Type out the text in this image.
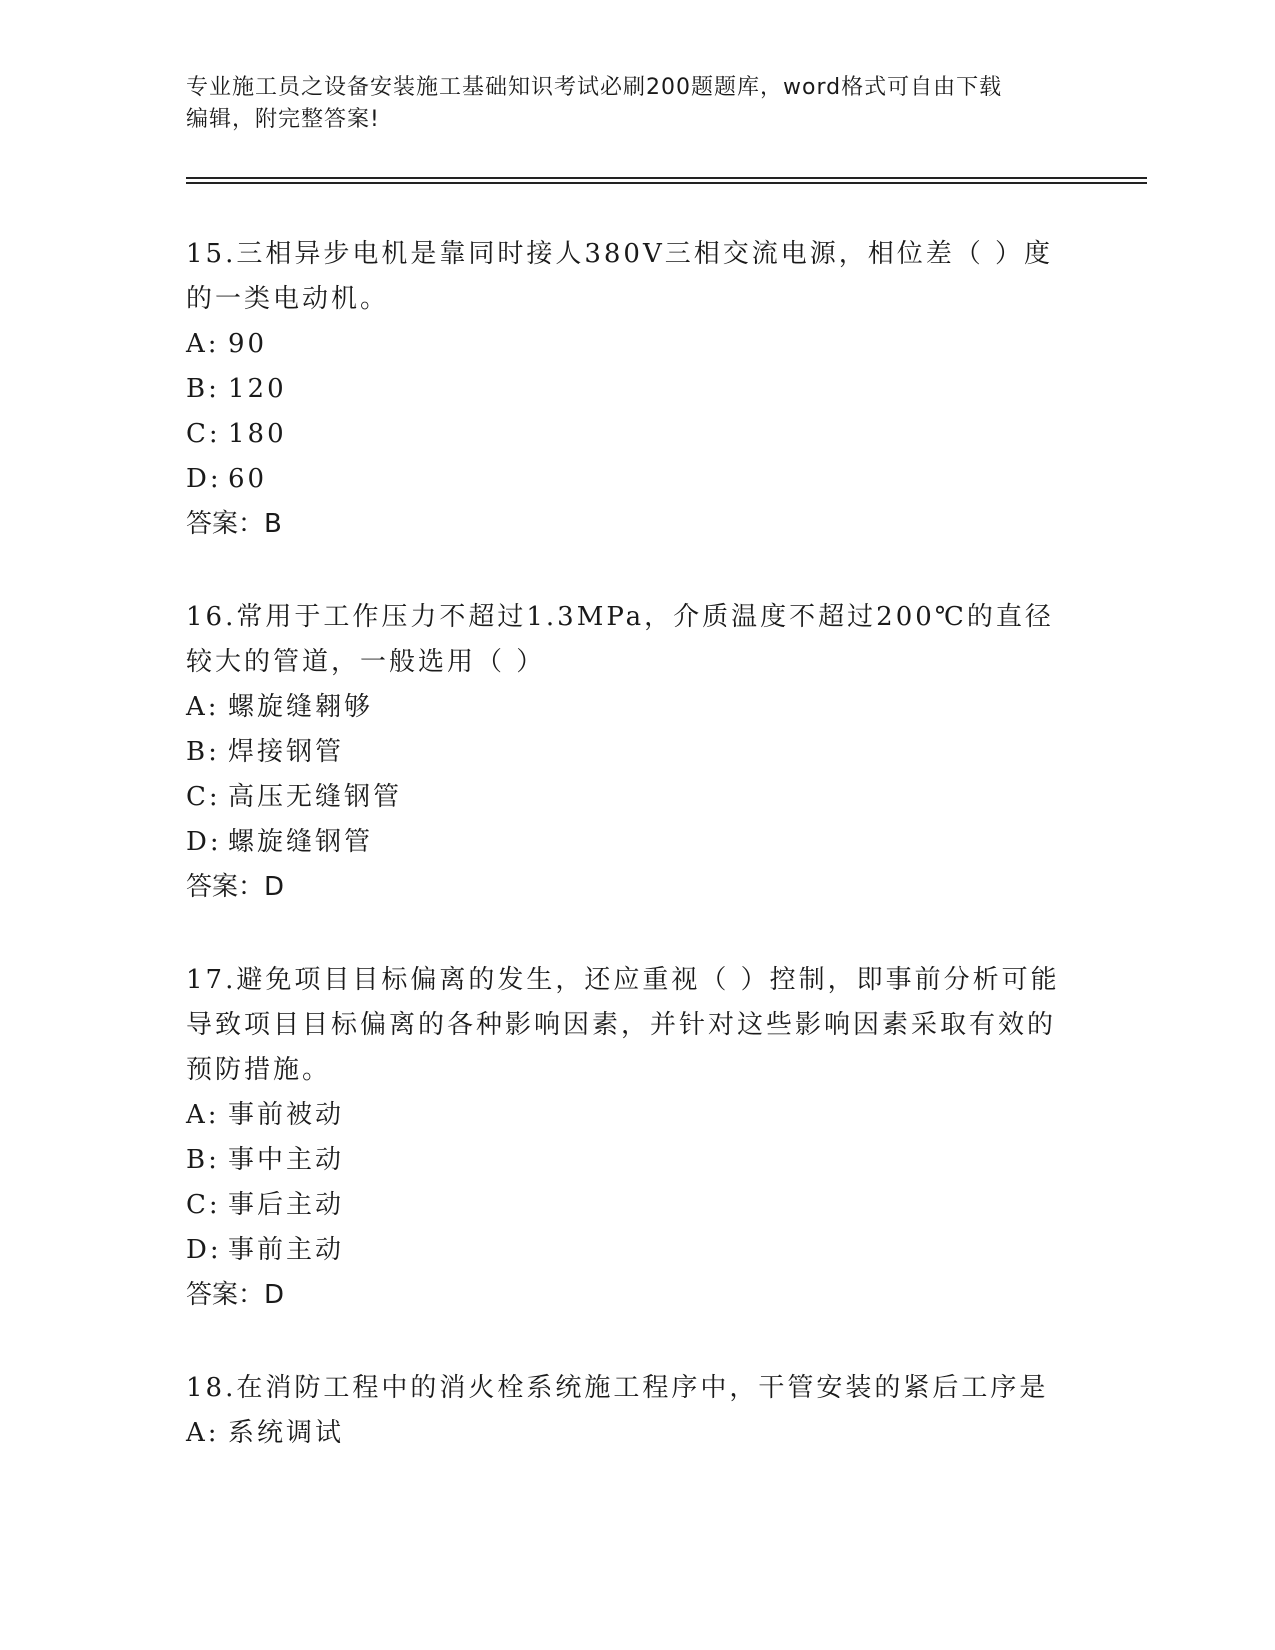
专业施工员之设备安装施工基础知识考试必刷200题题库，word格式可自由下载
编辑，附完整答案!

15.三相异步电机是靠同时接人380V三相交流电源，相位差（ ）度的一类电动机。

A: 90

B: 120

C: 180

D: 60

答案：B

16.常用于工作压力不超过1.3MPa，介质温度不超过200℃的直径较大的管道，一般选用（ ）

A: 螺旋缝翱够

B: 焊接钢管

C: 高压无缝钢管

D: 螺旋缝钢管

答案：D

17.避免项目目标偏离的发生，还应重视（ ）控制，即事前分析可能导致项目目标偏离的各种影响因素，并针对这些影响因素采取有效的预防措施。

A: 事前被动

B: 事中主动

C: 事后主动

D: 事前主动

答案：D

18.在消防工程中的消火栓系统施工程序中，干管安装的紧后工序是

A: 系统调试
